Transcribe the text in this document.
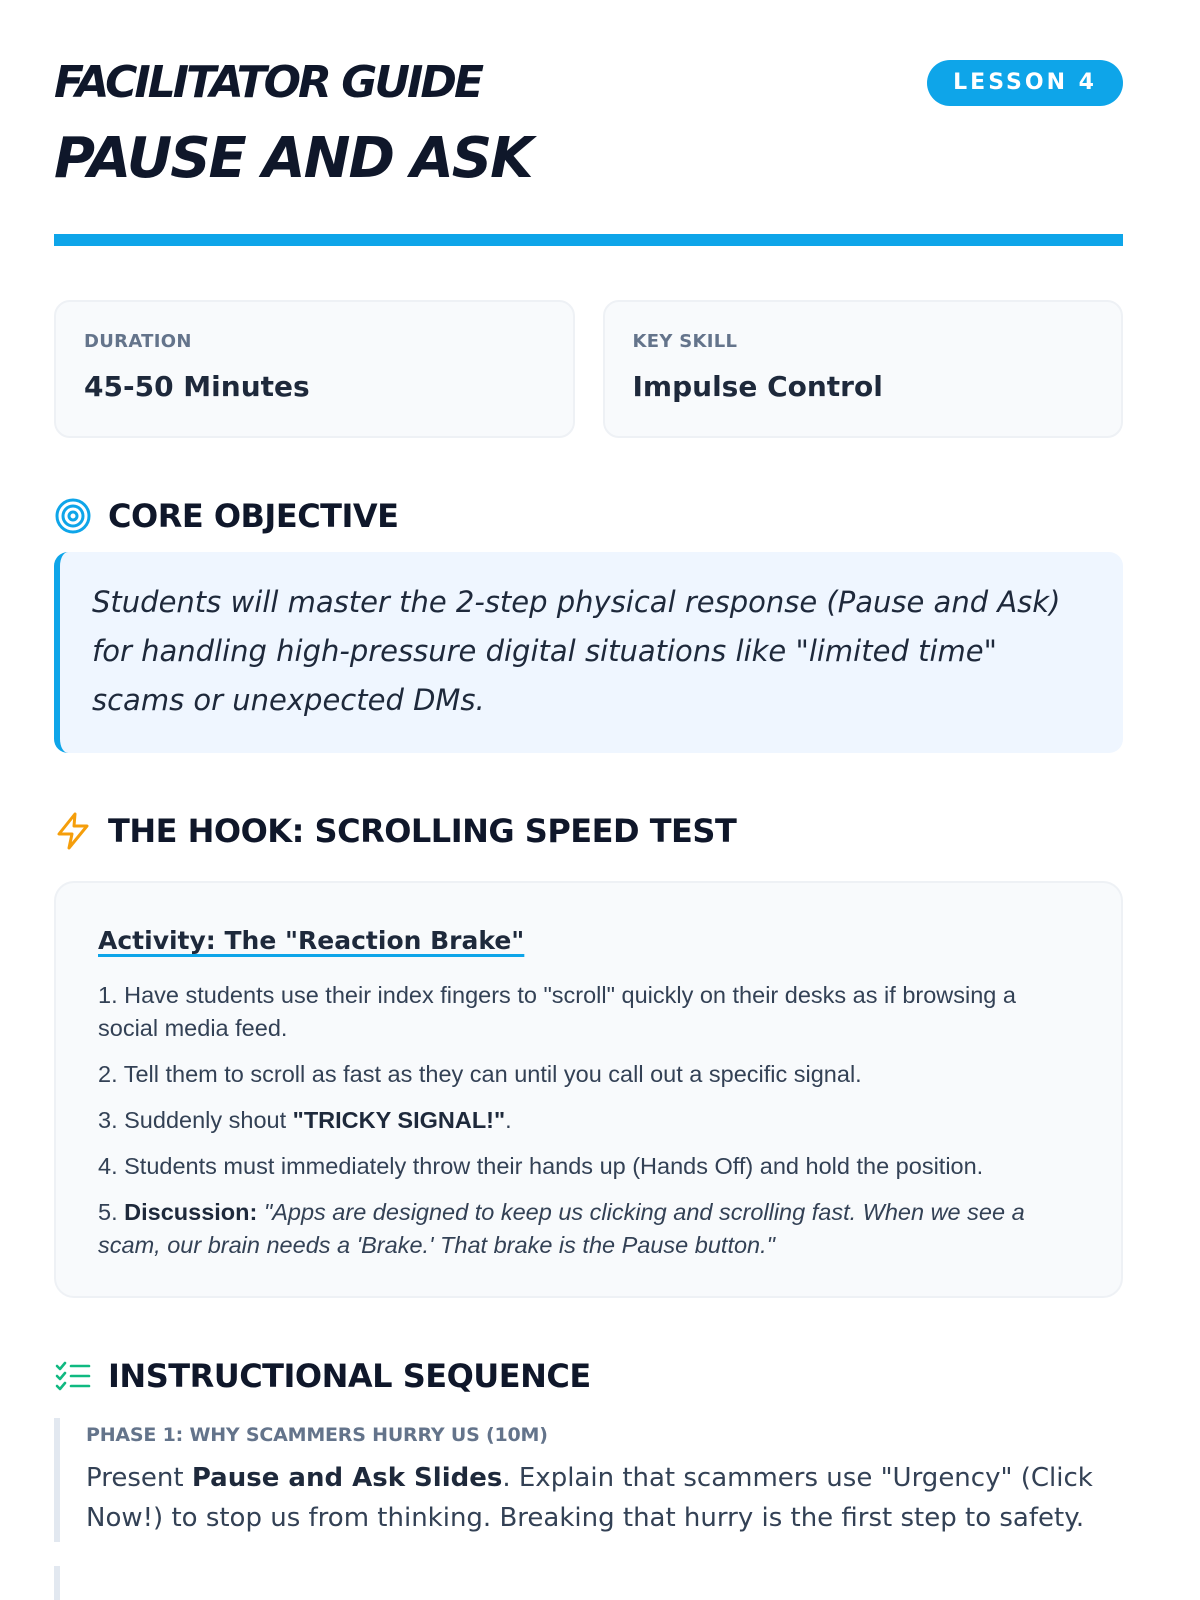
FACILITATOR GUIDE
PAUSE AND ASK
LESSON 4
DURATION
45-50 Minutes
KEY SKILL
Impulse Control
CORE OBJECTIVE

Students will master the 2-step physical response (Pause and Ask) for handling high-pressure digital situations like "limited time" scams or unexpected DMs.

THE HOOK: SCROLLING SPEED TEST
Activity: The "Reaction Brake"
1. Have students use their index fingers to "scroll" quickly on their desks as if browsing a social media feed.
2. Tell them to scroll as fast as they can until you call out a specific signal.
3. Suddenly shout "TRICKY SIGNAL!".
4. Students must immediately throw their hands up (Hands Off) and hold the position.
5. Discussion: "Apps are designed to keep us clicking and scrolling fast. When we see a scam, our brain needs a 'Brake.' That brake is the Pause button."
INSTRUCTIONAL SEQUENCE
PHASE 1: WHY SCAMMERS HURRY US (10M)
Present Pause and Ask Slides. Explain that scammers use "Urgency" (Click Now!) to stop us from thinking. Breaking that hurry is the first step to safety.
